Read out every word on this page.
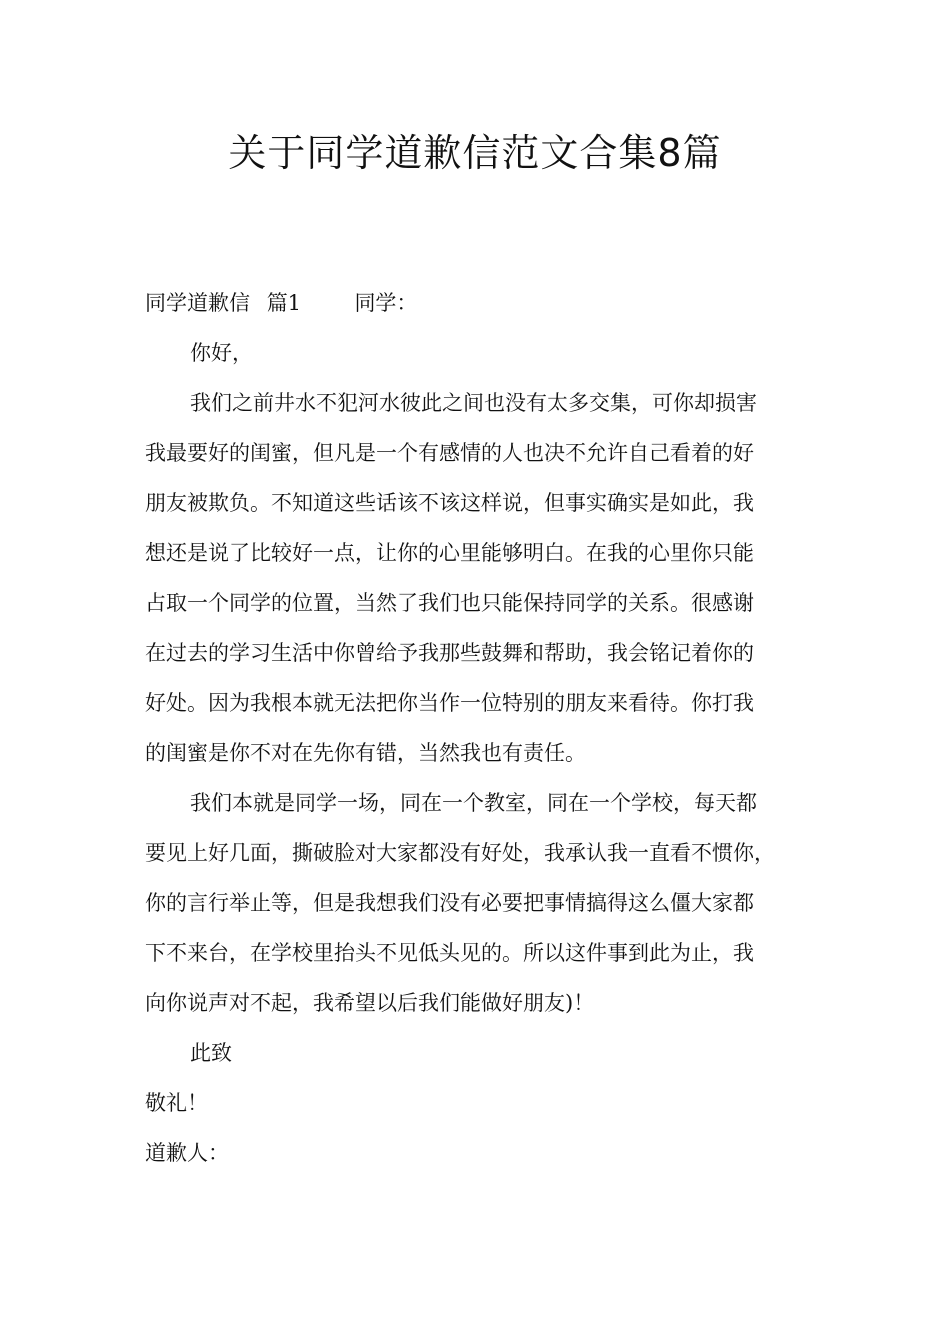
关于同学道歉信范文合集8篇
同学道歉信 篇1	同学：
你好，
我们之前井水不犯河水彼此之间也没有太多交集，可你却损害
我最要好的闺蜜，但凡是一个有感情的人也决不允许自己看着的好
朋友被欺负。不知道这些话该不该这样说，但事实确实是如此，我
想还是说了比较好一点，让你的心里能够明白。在我的心里你只能
占取一个同学的位置，当然了我们也只能保持同学的关系。很感谢
在过去的学习生活中你曾给予我那些鼓舞和帮助，我会铭记着你的
好处。因为我根本就无法把你当作一位特别的朋友来看待。你打我
的闺蜜是你不对在先你有错，当然我也有责任。
我们本就是同学一场，同在一个教室，同在一个学校，每天都
要见上好几面，撕破脸对大家都没有好处，我承认我一直看不惯你，
你的言行举止等，但是我想我们没有必要把事情搞得这么僵大家都
下不来台，在学校里抬头不见低头见的。所以这件事到此为止，我
向你说声对不起，我希望以后我们能做好朋友)！
此致
敬礼！
道歉人：
